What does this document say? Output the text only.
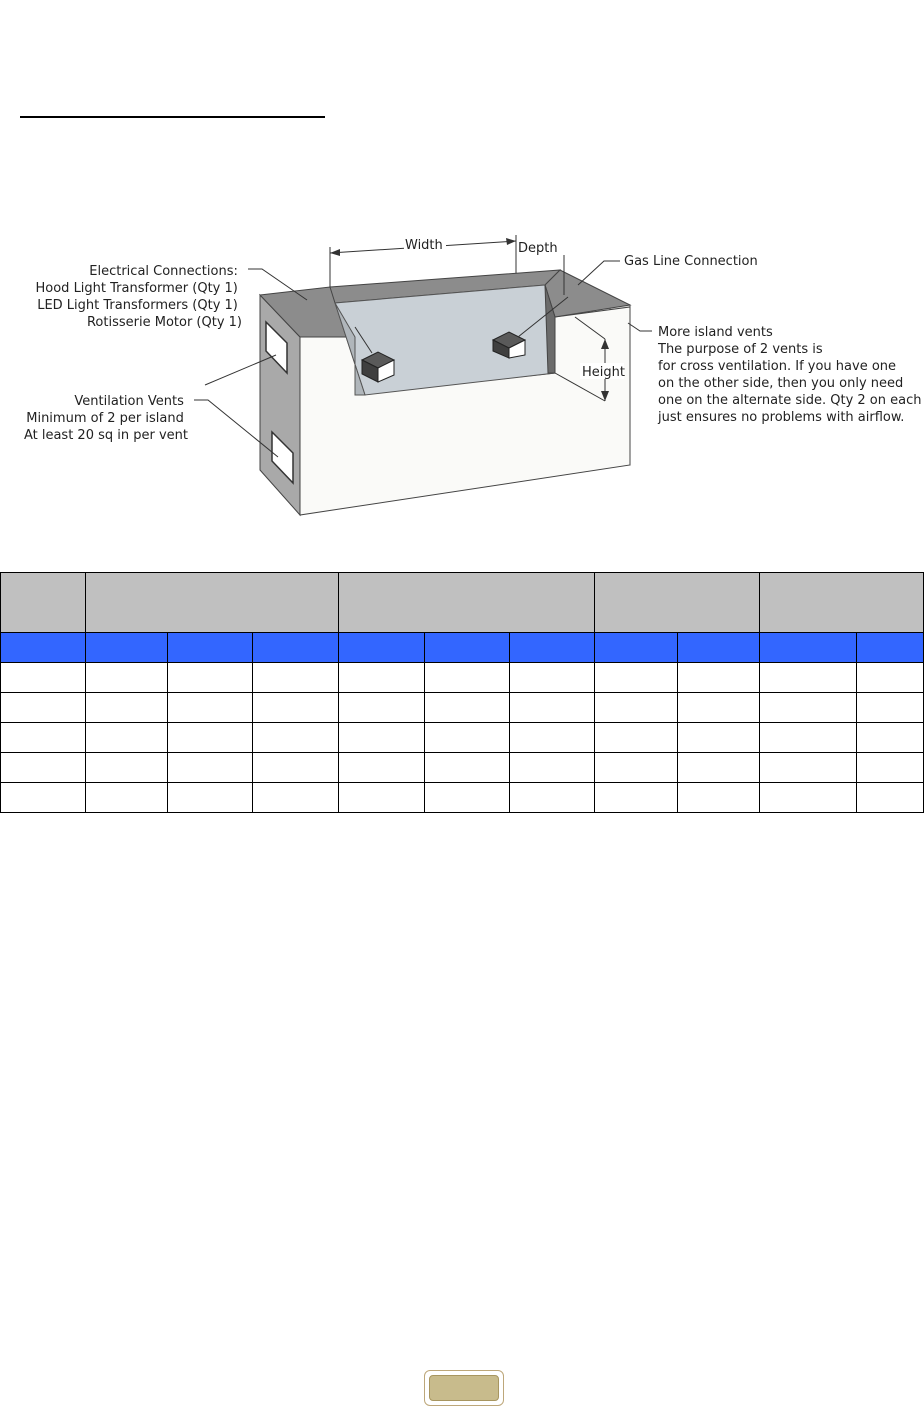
Width	Depth
Height
Gas Line Connection
Electrical Connections: Hood Light Transformer (Qty 1) LED Light Transformers (Qty 1) Rotisserie Motor (Qty 1)
Ventilation Vents Minimum of 2 per island At least 20 sq in per vent
More island vents The purpose of 2 vents is for cross ventilation. If you have one on the other side, then you only need one on the alternate side. Qty 2 on each just ensures no problems with airflow.
